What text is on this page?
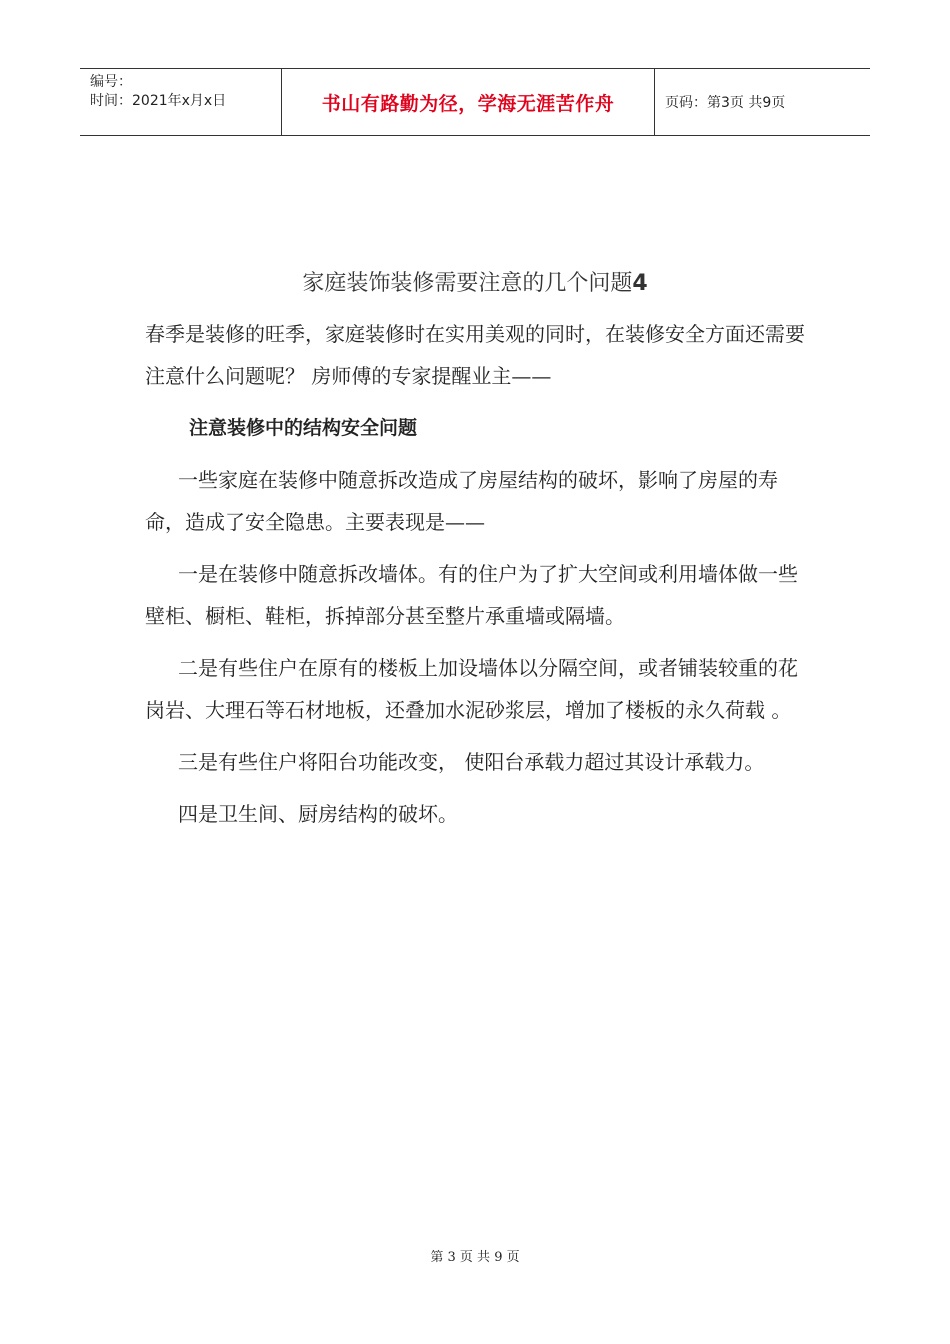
编号：
时间：2021年x月x日	书山有路勤为径，学海无涯苦作舟	页码：第3页 共9页
家庭装饰装修需要注意的几个问题4

春季是装修的旺季，家庭装修时在实用美观的同时，在装修安全方面还需要注意什么问题呢？ 房师傅的专家提醒业主——

注意装修中的结构安全问题

一些家庭在装修中随意拆改造成了房屋结构的破坏，影响了房屋的寿命，造成了安全隐患。主要表现是——

一是在装修中随意拆改墙体。有的住户为了扩大空间或利用墙体做一些壁柜、橱柜、鞋柜，拆掉部分甚至整片承重墙或隔墙。

二是有些住户在原有的楼板上加设墙体以分隔空间，或者铺装较重的花岗岩、大理石等石材地板，还叠加水泥砂浆层，增加了楼板的永久荷载 。

三是有些住户将阳台功能改变， 使阳台承载力超过其设计承载力。

四是卫生间、厨房结构的破坏。

第 3 页 共 9 页
